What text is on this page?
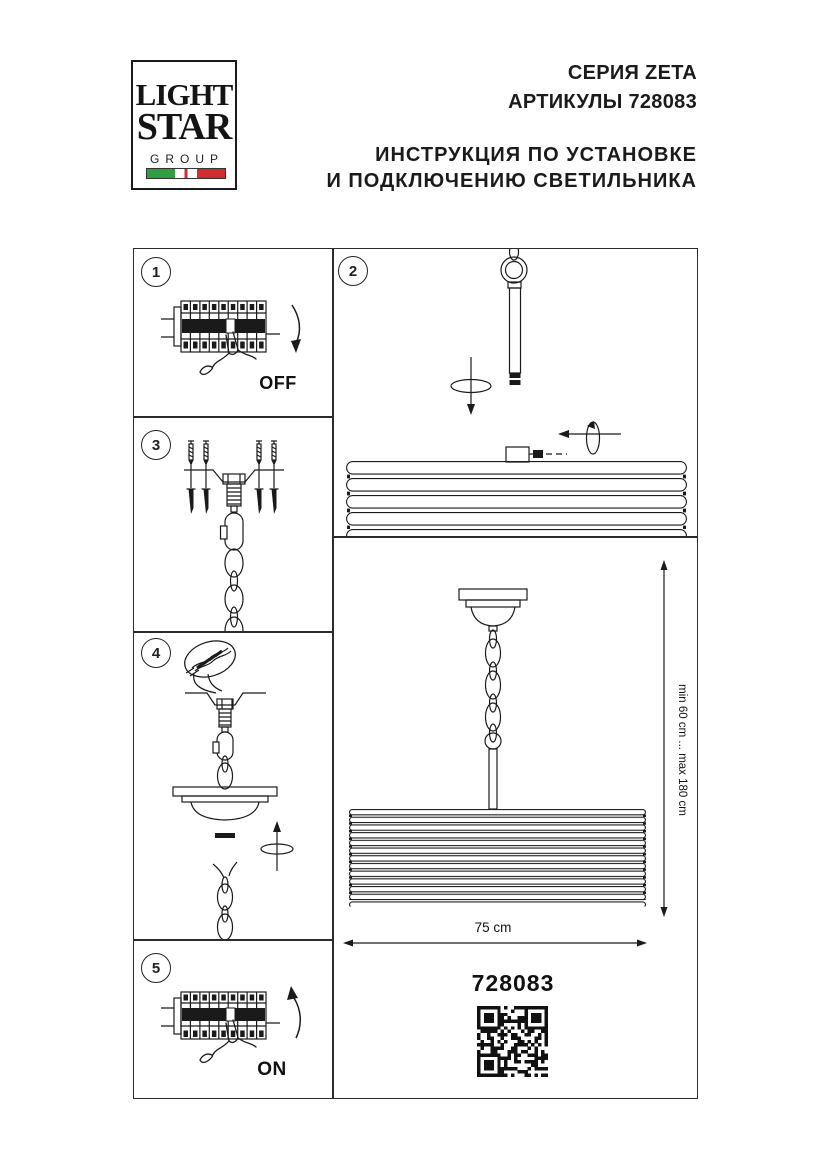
LIGHT
STAR
GROUP
СЕРИЯ ZETA
АРТИКУЛЫ 728083
ИНСТРУКЦИЯ ПО УСТАНОВКЕ
И ПОДКЛЮЧЕНИЮ СВЕТИЛЬНИКА
1	2
3
4
5
OFF
ON
min 60 cm ... max 180 cm
75 cm
728083
